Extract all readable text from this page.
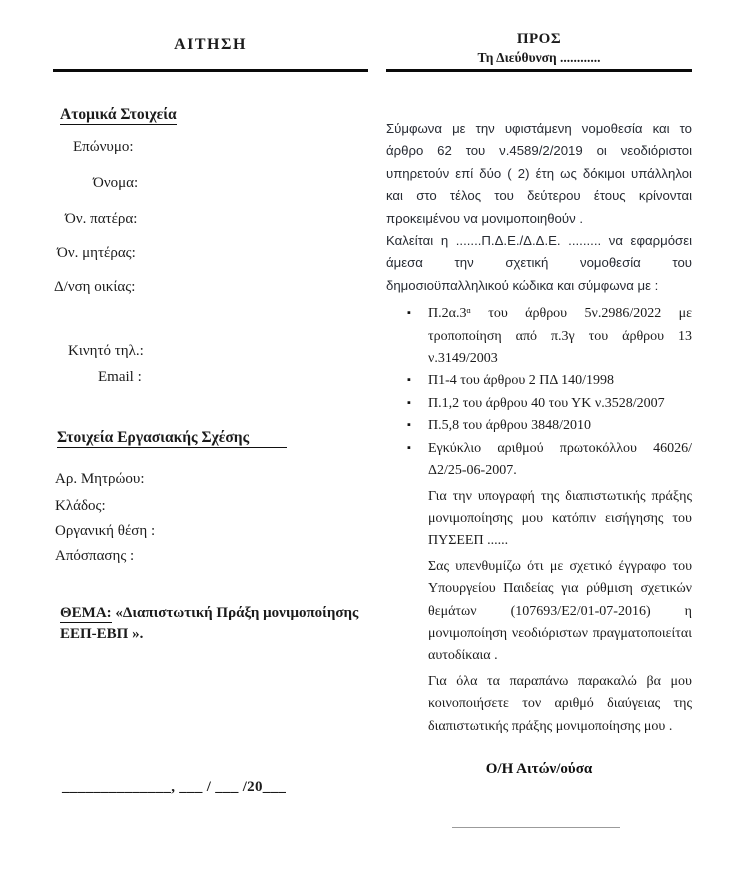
ΑΙΤΗΣΗ
Ατομικά Στοιχεία
Επώνυμο:
Όνομα:
Όν. πατέρα:
Όν. μητέρας:
Δ/νση οικίας:
Κινητό τηλ.:
Email :
Στοιχεία Εργασιακής Σχέσης
Αρ. Μητρώου:
Κλάδος:
Οργανική θέση :
Απόσπασης :
ΘΕΜΑ: «Διαπιστωτική Πράξη μονιμοποίησης ΕΕΠ-ΕΒΠ ».
______________, ___ / ___ /20___
ΠΡΟΣ
Τη Διεύθυνση ............

Σύμφωνα με την υφιστάμενη νομοθεσία και το άρθρο 62 του ν.4589/2/2019 οι νεοδιόριστοι υπηρετούν επί δύο ( 2) έτη ως δόκιμοι υπάλληλοι και στο τέλος του δεύτερου έτους κρίνονται προκειμένου να μονιμοποιηθούν .

Καλείται η .......Π.Δ.Ε./Δ.Δ.Ε. ......... να εφαρμόσει άμεσα την σχετική νομοθεσία του δημοσιοϋπαλληλικού κώδικα και σύμφωνα με :

▪ Π.2α.3ᵅ του άρθρου 5ν.2986/2022 με τροποποίηση από π.3γ του άρθρου 13 ν.3149/2003
▪ Π1-4 του άρθρου 2 ΠΔ 140/1998
▪ Π.1,2 του άρθρου 40 του ΥΚ ν.3528/2007
▪ Π.5,8 του άρθρου 3848/2010
▪ Εγκύκλιο αριθμού πρωτοκόλλου 46026/Δ2/25-06-2007.

Για την υπογραφή της διαπιστωτικής πράξης μονιμοποίησης μου κατόπιν εισήγησης του ΠΥΣΕΕΠ ......

Σας υπενθυμίζω ότι με σχετικό έγγραφο του Υπουργείου Παιδείας για ρύθμιση σχετικών θεμάτων (107693/Ε2/01-07-2016) η μονιμοποίηση νεοδιόριστων πραγματοποιείται αυτοδίκαια .

Για όλα τα παραπάνω παρακαλώ βα μου κοινοποιήσετε τον αριθμό διαύγειας της διαπιστωτικής πράξης μονιμοποίησης μου .

Ο/Η Αιτών/ούσα
